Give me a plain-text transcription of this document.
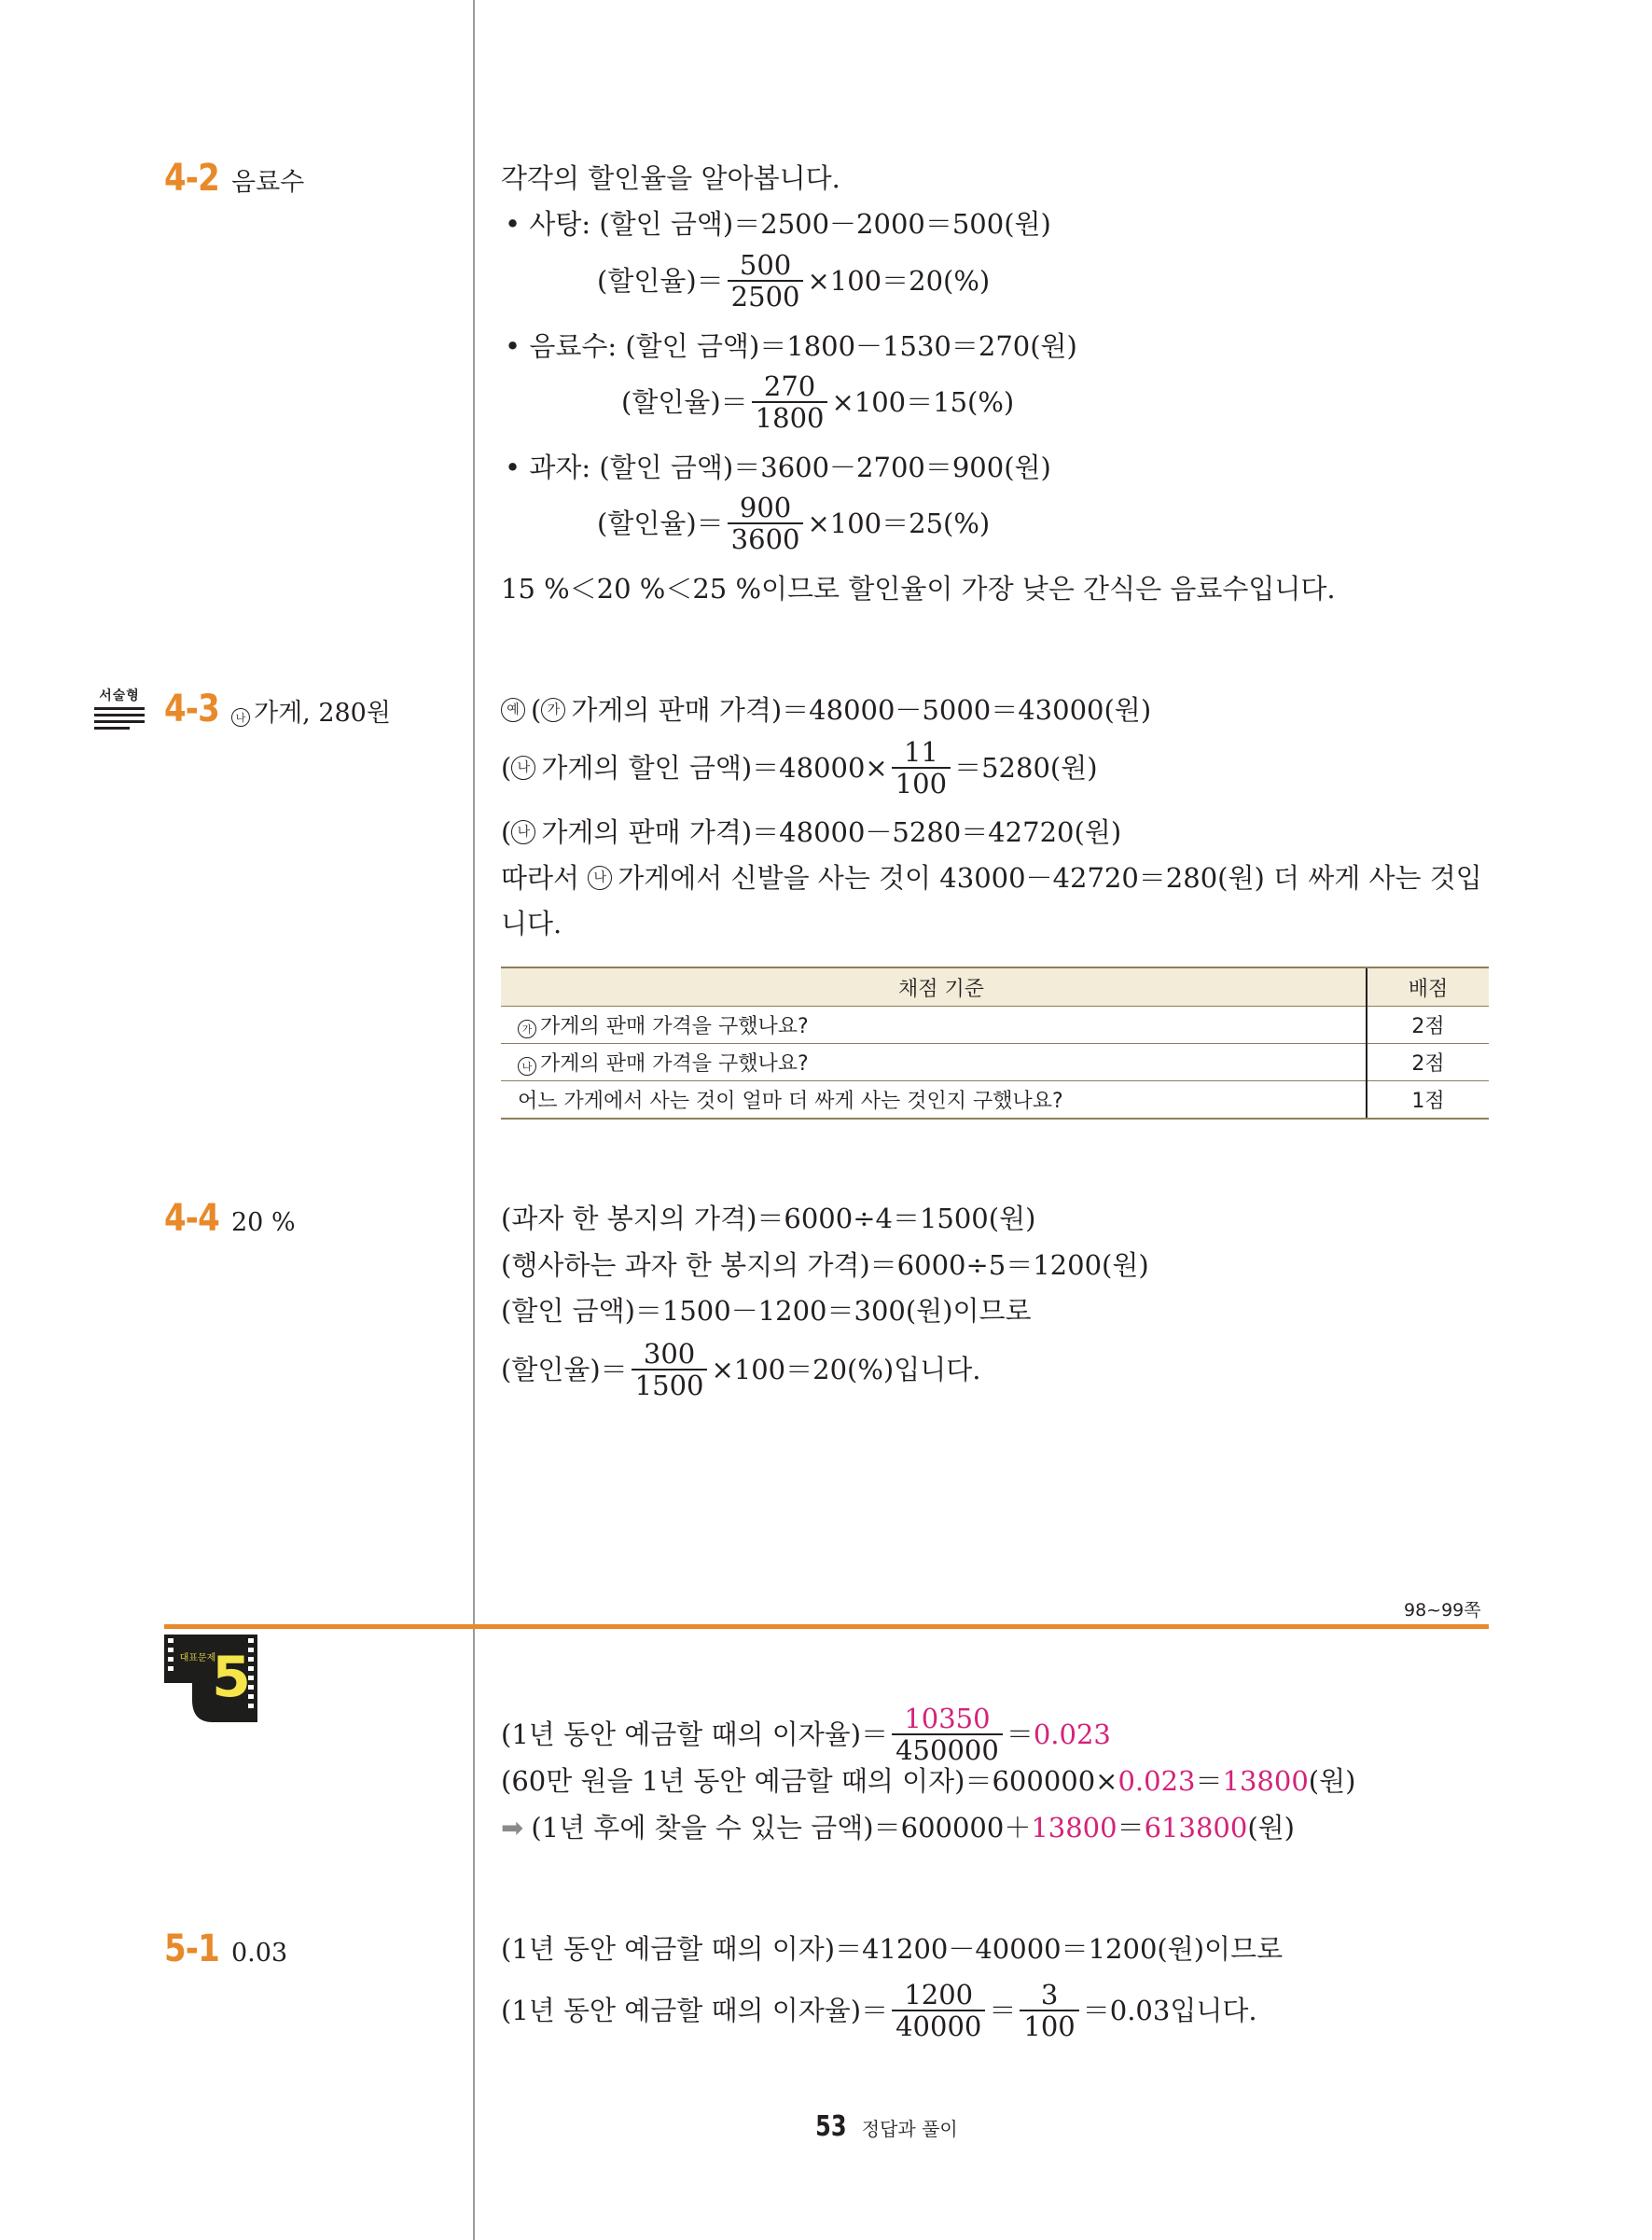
4-2 음료수	각각의 할인율을 알아봅니다.
• 사탕: (할인 금액)＝2500－2000＝500(원)
(할인율)＝ $\frac{500}{2500} \times 100=20(\%)$
• 음료수: (할인 금액)＝1800－1530＝270(원)
(할인율)＝ $\frac{270}{1800} \times 100=15(\%)$
• 과자: (할인 금액)＝3600－2700＝900(원)
(할인율)＝ $\frac{900}{3600} \times 100=25(\%)$
15 %＜20 %＜25 %이므로 할인율이 가장 낮은 간식은 음료수입니다.
서술형 4-3	나 가게, 280원	예 ( 가 가게의 판매 가격)＝48000－5000＝43000(원)
( 나 가게의 할인 금액)$=48000\times \frac{11}{100} =5280$(원)
( 나 가게의 판매 가격)＝48000－5280＝42720(원)
따라서
	나 가게에서 신발을 사는 것이 43000－42720＝280(원) 더 싸게 사는 것입
니다.
채점 기준	배점
가 가게의 판매 가격을 구했나요?	2점
나 가게의 판매 가격을 구했나요?	2점
어느 가게에서 사는 것이 얼마 더 싸게 사는 것인지 구했나요?	1점
4-4 20 %	(과자 한 봉지의 가격)＝6000÷4＝1500(원)
(행사하는 과자 한 봉지의 가격)＝6000÷5＝1200(원)
(할인 금액)＝1500－1200＝300(원)이므로
(할인율)＝ $\frac{300}{1500} \times 100=20(\%)$입니다.
98~99쪽
대표문제
5
(1년 동안 예금할 때의 이자율)＝ $\frac{10350}{450000} = 0.023$
(60만 원을 1년 동안 예금할 때의 이자)＝600000× 0.023 ＝ 13800 (원)
➡ (1년 후에 찾을 수 있는 금액)＝600000＋ 13800 ＝ 613800 (원)
5-1 0.03	(1년 동안 예금할 때의 이자)＝41200－40000＝1200(원)이므로
(1년 동안 예금할 때의 이자율)＝ $\frac{1200}{40000} = \frac{3}{100} =0.03$입니다.
53 정답과 풀이
